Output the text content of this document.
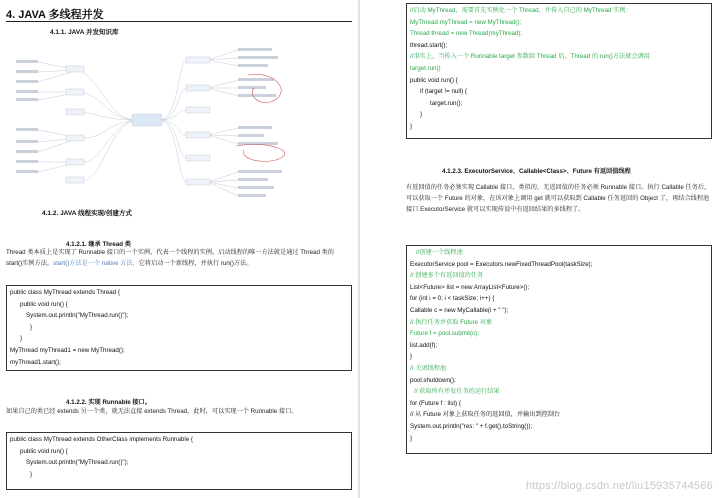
4. JAVA 多线程并发
4.1.1. JAVA 并发知识库
4.1.2. JAVA 线程实现/创建方式
4.1.2.1. 继承 Thread 类
Thread 类本质上是实现了 Runnable 接口的一个实例，代表一个线程的实例。启动线程的唯一方法就是通过 Thread 类的 start()实例方法。start()方法是一个 native 方法，它将启动一个新线程，并执行 run()方法。
public class MyThread extends Thread {
public void run() {
System.out.println("MyThread.run()");
}
}
MyThread myThread1 = new MyThread();
myThread1.start();
4.1.2.2. 实现 Runnable 接口。
如果自己的类已经 extends 另一个类，就无法直接 extends Thread，此时，可以实现一个 Runnable 接口。
public class MyThread extends OtherClass implements Runnable {
public void run() {
System.out.println("MyThread.run()");
}
//启动 MyThread，需要首先实例化一个 Thread，并传入自己的 MyThread 实例：
MyThread myThread = new MyThread();
Thread thread = new Thread(myThread);
thread.start();
//事实上，当传入一个 Runnable target 参数给 Thread 后，Thread 的 run()方法就会调用
target.run()
public void run() {
if (target != null) {
target.run();
}
}
4.1.2.3. ExecutorService、Callable<Class>、Future 有返回值线程
有返回值的任务必须实现 Callable 接口，类似的，无返回值的任务必须 Runnable 接口。执行 Callable 任务后，可以获取一个 Future 的对象，在该对象上调用 get 就可以获取到 Callable 任务返回的 Object 了，再结合线程池接口 ExecutorService 就可以实现传说中有返回结果的多线程了。
//创建一个线程池
ExecutorService pool = Executors.newFixedThreadPool(taskSize);
// 创建多个有返回值的任务
List<Future> list = new ArrayList<Future>();
for (int i = 0; i < taskSize; i++) {
Callable c = new MyCallable(i + " ");
// 执行任务并获取 Future 对象
Future f = pool.submit(c);
list.add(f);
}
// 关闭线程池
pool.shutdown();
// 获取所有并发任务的运行结果
for (Future f : list) {
// 从 Future 对象上获取任务的返回值，并输出到控制台
System.out.println("res: " + f.get().toString());
}
https://blog.csdn.net/liu15935744566
